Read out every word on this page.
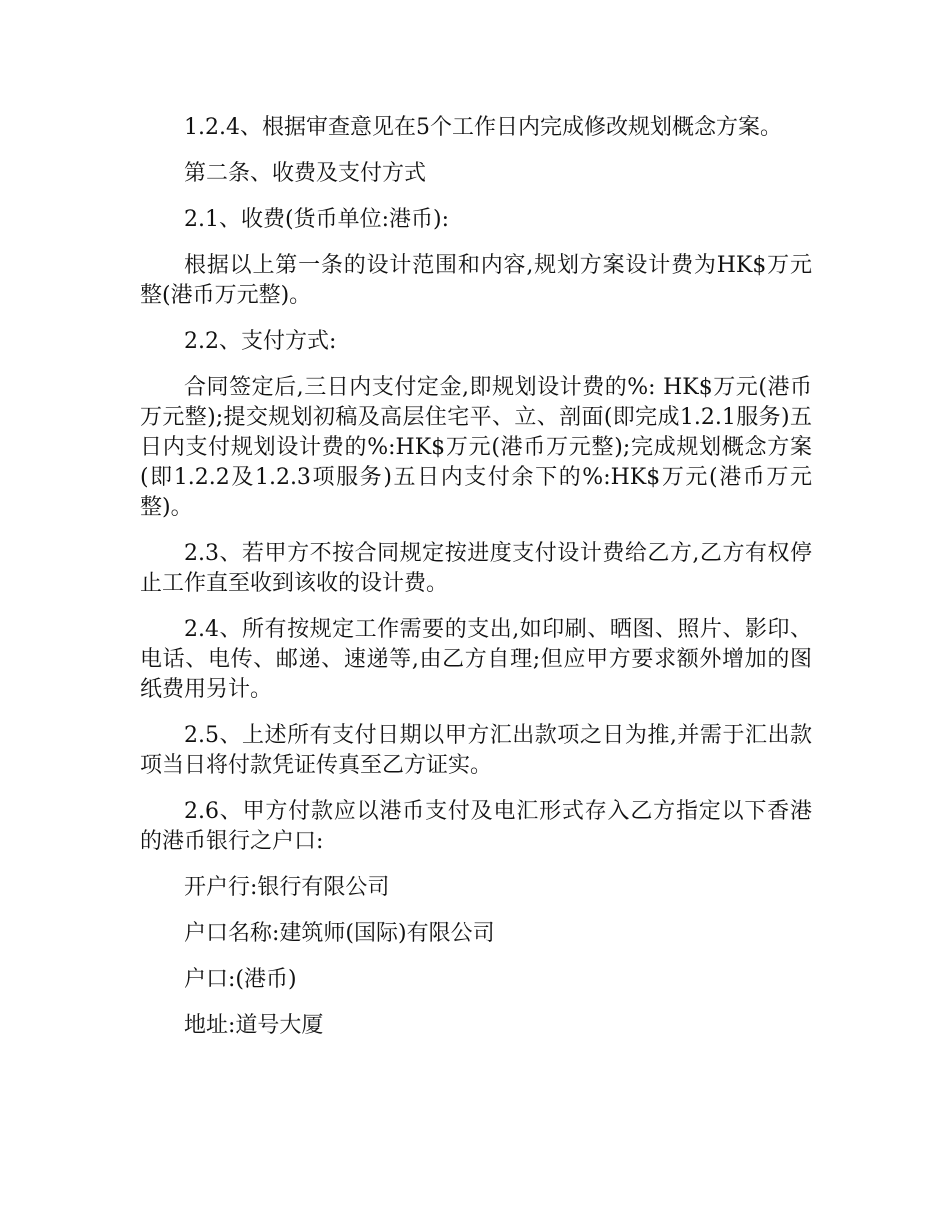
1.2.4、根据审查意见在5个工作日内完成修改规划概念方案。

第二条、收费及支付方式

2.1、收费(货币单位:港币):

根据以上第一条的设计范围和内容,规划方案设计费为HK$万元整(港币万元整)。

2.2、支付方式:

合同签定后,三日内支付定金,即规划设计费的%: HK$万元(港币万元整);提交规划初稿及高层住宅平、立、剖面(即完成1.2.1服务)五日内支付规划设计费的%:HK$万元(港币万元整);完成规划概念方案(即1.2.2及1.2.3项服务)五日内支付余下的%:HK$万元(港币万元整)。

2.3、若甲方不按合同规定按进度支付设计费给乙方,乙方有权停止工作直至收到该收的设计费。

2.4、所有按规定工作需要的支出,如印刷、晒图、照片、影印、电话、电传、邮递、速递等,由乙方自理;但应甲方要求额外增加的图纸费用另计。

2.5、上述所有支付日期以甲方汇出款项之日为推,并需于汇出款项当日将付款凭证传真至乙方证实。

2.6、甲方付款应以港币支付及电汇形式存入乙方指定以下香港的港币银行之户口:

开户行:银行有限公司

户口名称:建筑师(国际)有限公司

户口:(港币)

地址:道号大厦
